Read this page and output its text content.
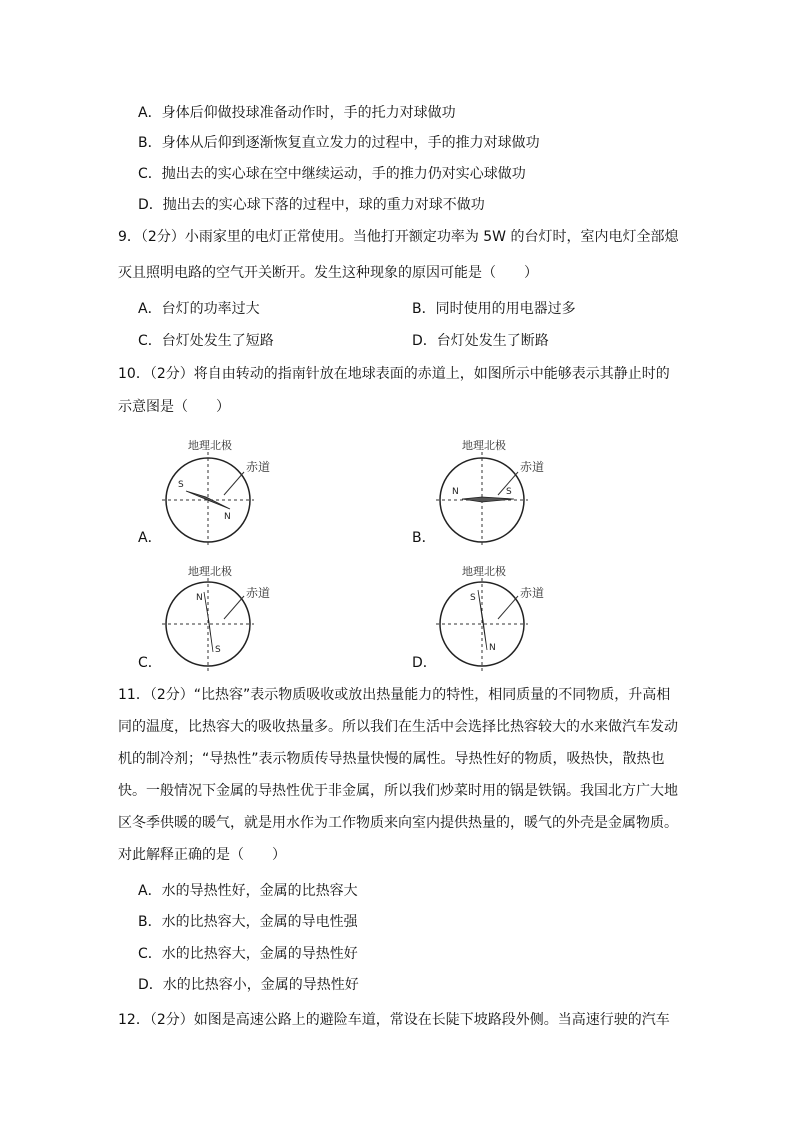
A．身体后仰做投球准备动作时，手的托力对球做功
B．身体从后仰到逐渐恢复直立发力的过程中，手的推力对球做功
C．抛出去的实心球在空中继续运动，手的推力仍对实心球做功
D．抛出去的实心球下落的过程中，球的重力对球不做功
9．（2分）小雨家里的电灯正常使用。当他打开额定功率为 5W 的台灯时，室内电灯全部熄
灭且照明电路的空气开关断开。发生这种现象的原因可能是（　　）
A．台灯的功率过大	B．同时使用的用电器过多
C．台灯处发生了短路	D．台灯处发生了断路
10．（2分）将自由转动的指南针放在地球表面的赤道上，如图所示中能够表示其静止时的
示意图是（　　）
A．
地理北极
赤道
S
N
B．
地理北极
赤道
N	S
C．
地理北极
赤道
N
S
D．
地理北极
赤道
S
N
11．（2分）“比热容”表示物质吸收或放出热量能力的特性，相同质量的不同物质，升高相
同的温度，比热容大的吸收热量多。所以我们在生活中会选择比热容较大的水来做汽车发动
机的制冷剂；“导热性”表示物质传导热量快慢的属性。导热性好的物质，吸热快，散热也
快。一般情况下金属的导热性优于非金属，所以我们炒菜时用的锅是铁锅。我国北方广大地
区冬季供暖的暖气，就是用水作为工作物质来向室内提供热量的，暖气的外壳是金属物质。
对此解释正确的是（　　）
A．水的导热性好，金属的比热容大
B．水的比热容大，金属的导电性强
C．水的比热容大，金属的导热性好
D．水的比热容小，金属的导热性好
12．（2分）如图是高速公路上的避险车道，常设在长陡下坡路段外侧。当高速行驶的汽车
